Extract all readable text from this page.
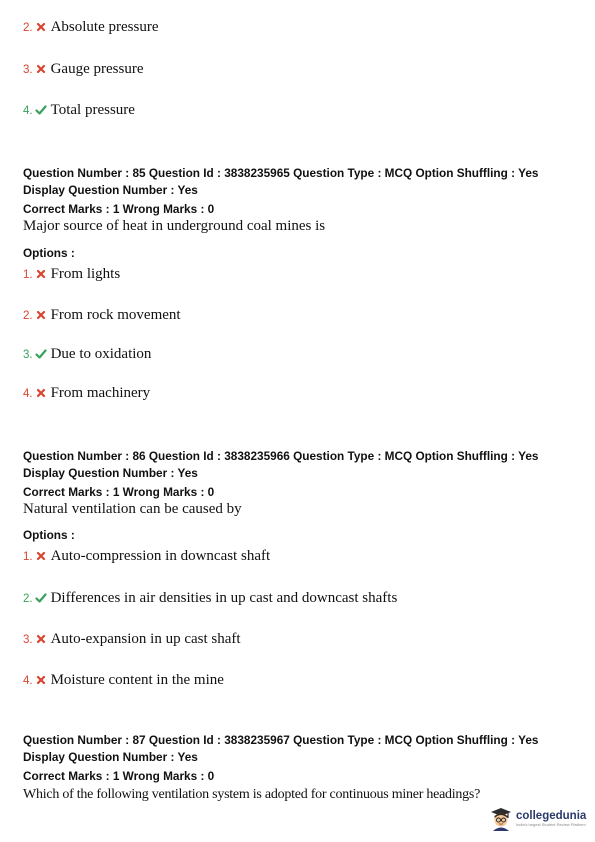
2. Absolute pressure
3. Gauge pressure
4. Total pressure
Question Number : 85 Question Id : 3838235965 Question Type : MCQ Option Shuffling : Yes
Display Question Number : Yes
Correct Marks : 1 Wrong Marks : 0
Major source of heat in underground coal mines is
Options :
1. From lights
2. From rock movement
3. Due to oxidation
4. From machinery
Question Number : 86 Question Id : 3838235966 Question Type : MCQ Option Shuffling : Yes
Display Question Number : Yes
Correct Marks : 1 Wrong Marks : 0
Natural ventilation can be caused by
Options :
1. Auto-compression in downcast shaft
2. Differences in air densities in up cast and downcast shafts
3. Auto-expansion in up cast shaft
4. Moisture content in the mine
Question Number : 87 Question Id : 3838235967 Question Type : MCQ Option Shuffling : Yes
Display Question Number : Yes
Correct Marks : 1 Wrong Marks : 0
Which of the following ventilation system is adopted for continuous miner headings?
collegedunia
India's largest Student Review Platform
